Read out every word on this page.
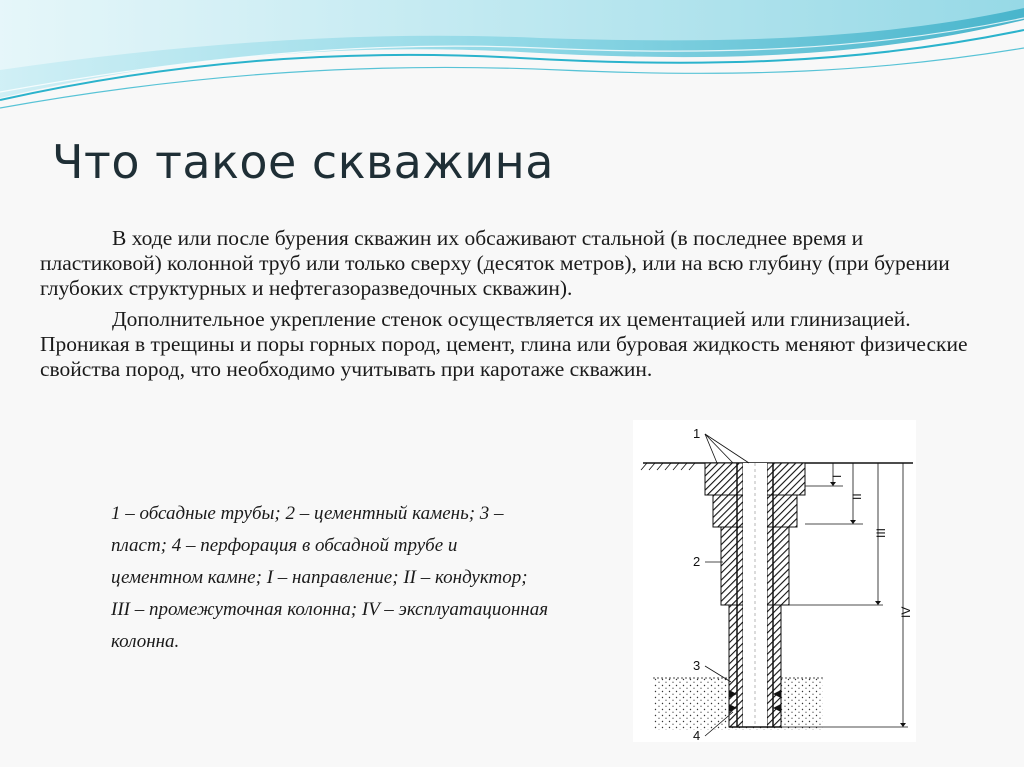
Что такое скважина

В ходе или после бурения скважин их обсаживают стальной (в последнее время и пластиковой) колонной труб или только сверху (десяток метров), или на всю глубину (при бурении глубоких структурных и нефтегазоразведочных скважин).

Дополнительное укрепление стенок осуществляется их цементацией или глинизацией. Проникая в трещины и поры горных пород, цемент, глина или буровая жидкость меняют физические свойства пород, что необходимо учитывать при каротаже скважин.

1 – обсадные трубы; 2 – цементный камень; 3 – пласт; 4 – перфорация в обсадной трубе и цементном камне; I – направление; II – кондуктор; III – промежуточная колонна; IV – эксплуатационная колонна.
1
2
3
4
I
II
III
IV
